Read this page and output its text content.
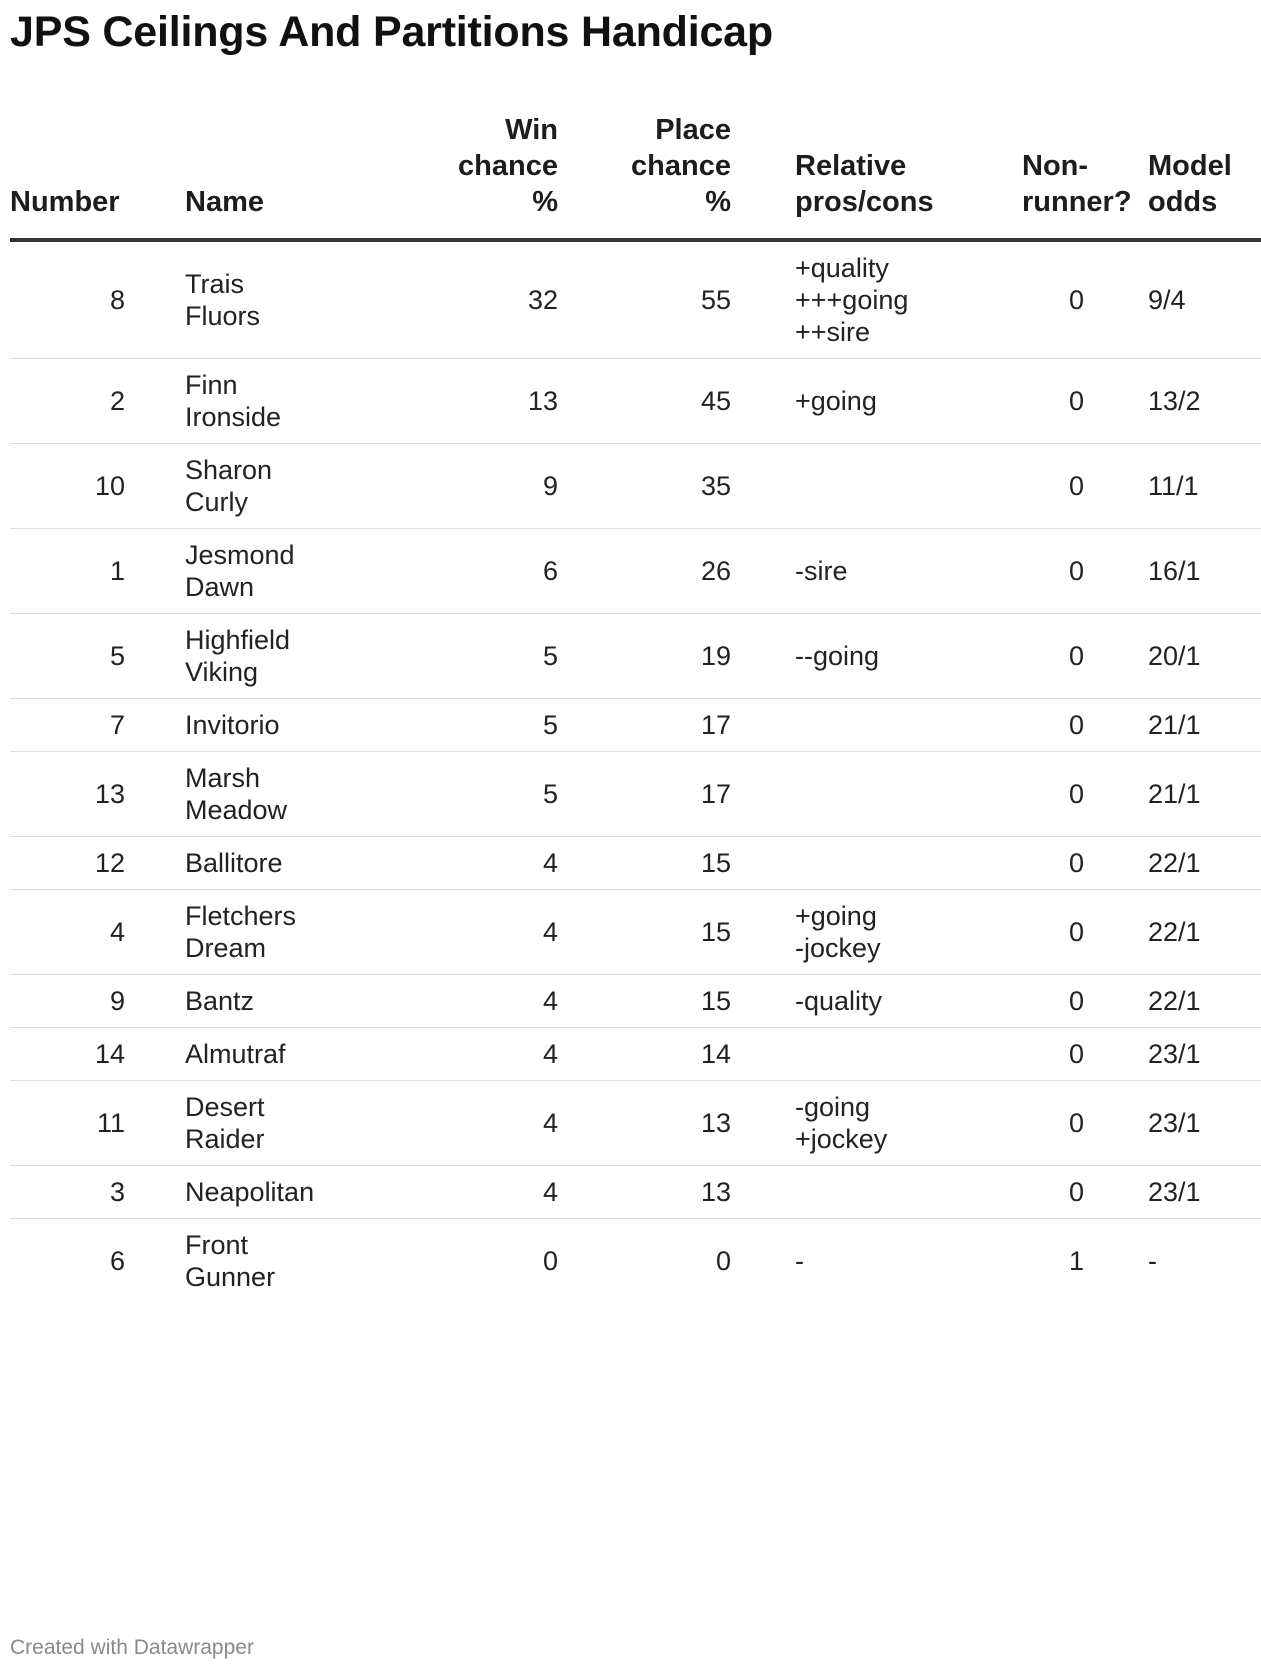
JPS Ceilings And Partitions Handicap
Number	Name	Win
chance
%	Place
chance
%	Relative
pros/cons	Non-
runner?	Model
odds
8	Trais
Fluors	32	55	+quality
+++going
++sire	0	9/4
2	Finn
Ironside	13	45	+going	0	13/2
10	Sharon
Curly	9	35		0	11/1
1	Jesmond
Dawn	6	26	-sire	0	16/1
5	Highfield
Viking	5	19	--going	0	20/1
7	Invitorio	5	17		0	21/1
13	Marsh
Meadow	5	17		0	21/1
12	Ballitore	4	15		0	22/1
4	Fletchers
Dream	4	15	+going
-jockey	0	22/1
9	Bantz	4	15	-quality	0	22/1
14	Almutraf	4	14		0	23/1
11	Desert
Raider	4	13	-going
+jockey	0	23/1
3	Neapolitan	4	13		0	23/1
6	Front
Gunner	0	0	-	1	-
Created with Datawrapper
